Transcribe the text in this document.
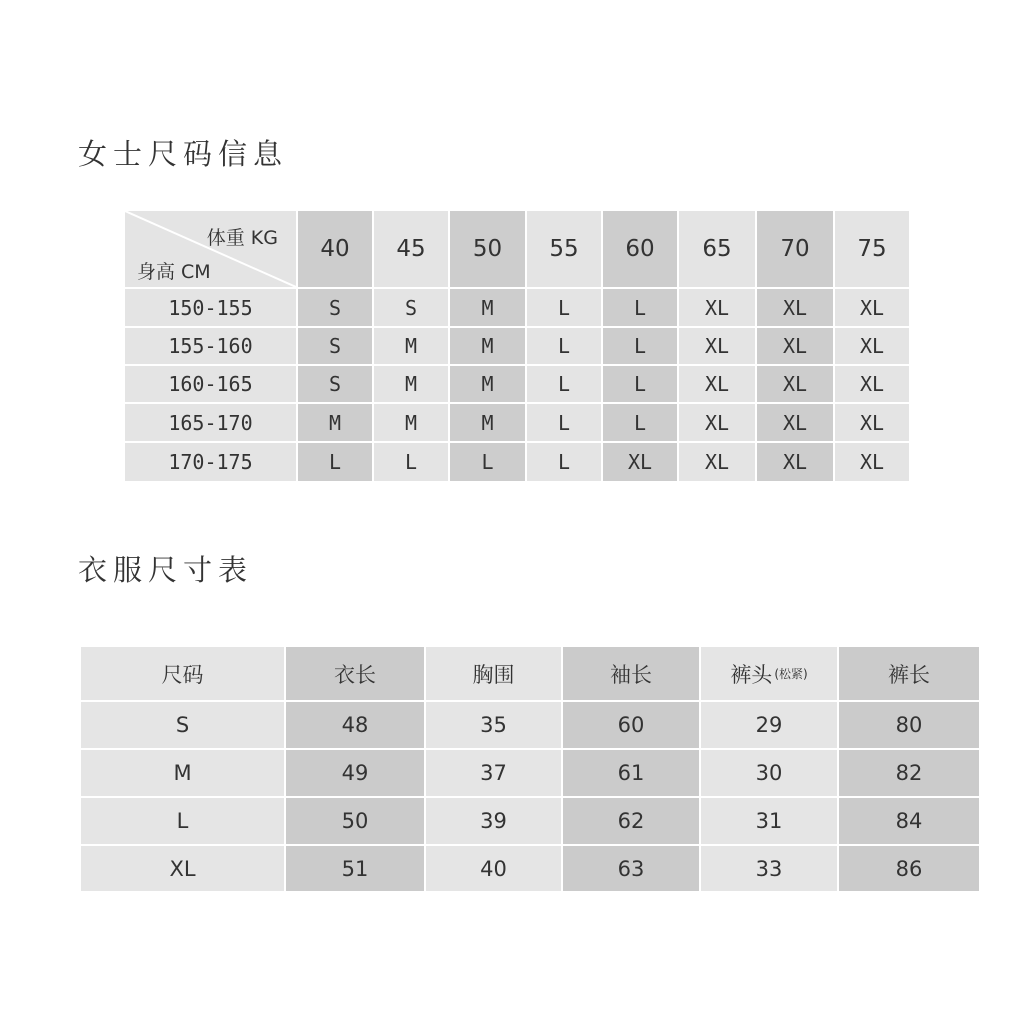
女士尺码信息
体重 KG
身高 CM
40	45	50	55	60	65	70	75
150-155	S	S	M	L	L	XL	XL	XL
155-160	S	M	M	L	L	XL	XL	XL
160-165	S	M	M	L	L	XL	XL	XL
165-170	M	M	M	L	L	XL	XL	XL
170-175	L	L	L	L	XL	XL	XL	XL
衣服尺寸表
尺码	衣长	胸围	袖长	裤头 (松紧)	裤长
S	48	35	60	29	80
M	49	37	61	30	82
L	50	39	62	31	84
XL	51	40	63	33	86
